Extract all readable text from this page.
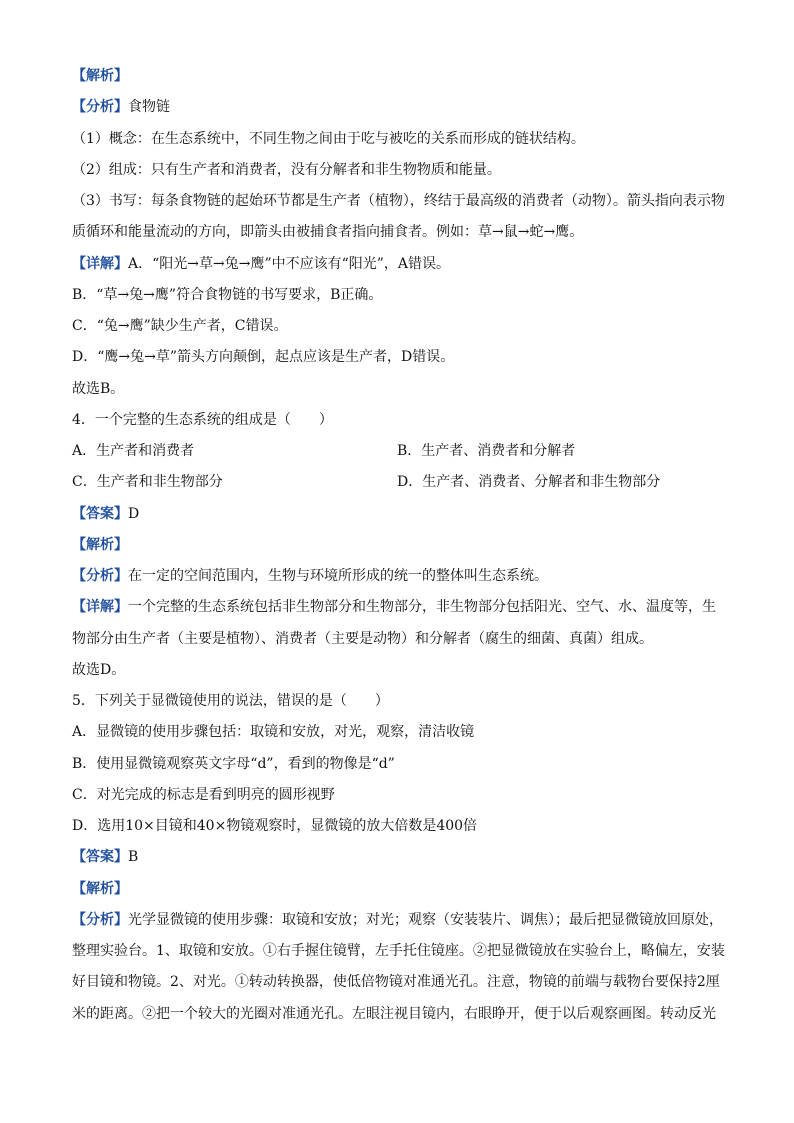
【解析】
【分析】食物链
（1）概念：在生态系统中，不同生物之间由于吃与被吃的关系而形成的链状结构。
（2）组成：只有生产者和消费者，没有分解者和非生物物质和能量。
（3）书写：每条食物链的起始环节都是生产者（植物），终结于最高级的消费者（动物）。箭头指向表示物
质循环和能量流动的方向，即箭头由被捕食者指向捕食者。例如：草→鼠→蛇→鹰。
【详解】A．“阳光→草→兔→鹰”中不应该有“阳光”，A错误。
B．“草→兔→鹰”符合食物链的书写要求，B正确。
C．“兔→鹰”缺少生产者，C错误。
D．“鹰→兔→草”箭头方向颠倒，起点应该是生产者，D错误。
故选B。
4．一个完整的生态系统的组成是（　　）
A．生产者和消费者	B．生产者、消费者和分解者
C．生产者和非生物部分	D．生产者、消费者、分解者和非生物部分
【答案】D
【解析】
【分析】在一定的空间范围内，生物与环境所形成的统一的整体叫生态系统。
【详解】一个完整的生态系统包括非生物部分和生物部分，非生物部分包括阳光、空气、水、温度等，生
物部分由生产者（主要是植物）、消费者（主要是动物）和分解者（腐生的细菌、真菌）组成。
故选D。
5．下列关于显微镜使用的说法，错误的是（　　）
A．显微镜的使用步骤包括：取镜和安放，对光，观察，清洁收镜
B．使用显微镜观察英文字母“d”，看到的物像是“d”
C．对光完成的标志是看到明亮的圆形视野
D．选用10×目镜和40×物镜观察时，显微镜的放大倍数是400倍
【答案】B
【解析】
【分析】光学显微镜的使用步骤：取镜和安放；对光；观察（安装装片、调焦）；最后把显微镜放回原处，
整理实验台。1、取镜和安放。①右手握住镜臂，左手托住镜座。②把显微镜放在实验台上，略偏左，安装
好目镜和物镜。2、对光。①转动转换器，使低倍物镜对准通光孔。注意，物镜的前端与载物台要保持2厘
米的距离。②把一个较大的光圈对准通光孔。左眼注视目镜内，右眼睁开，便于以后观察画图。转动反光
